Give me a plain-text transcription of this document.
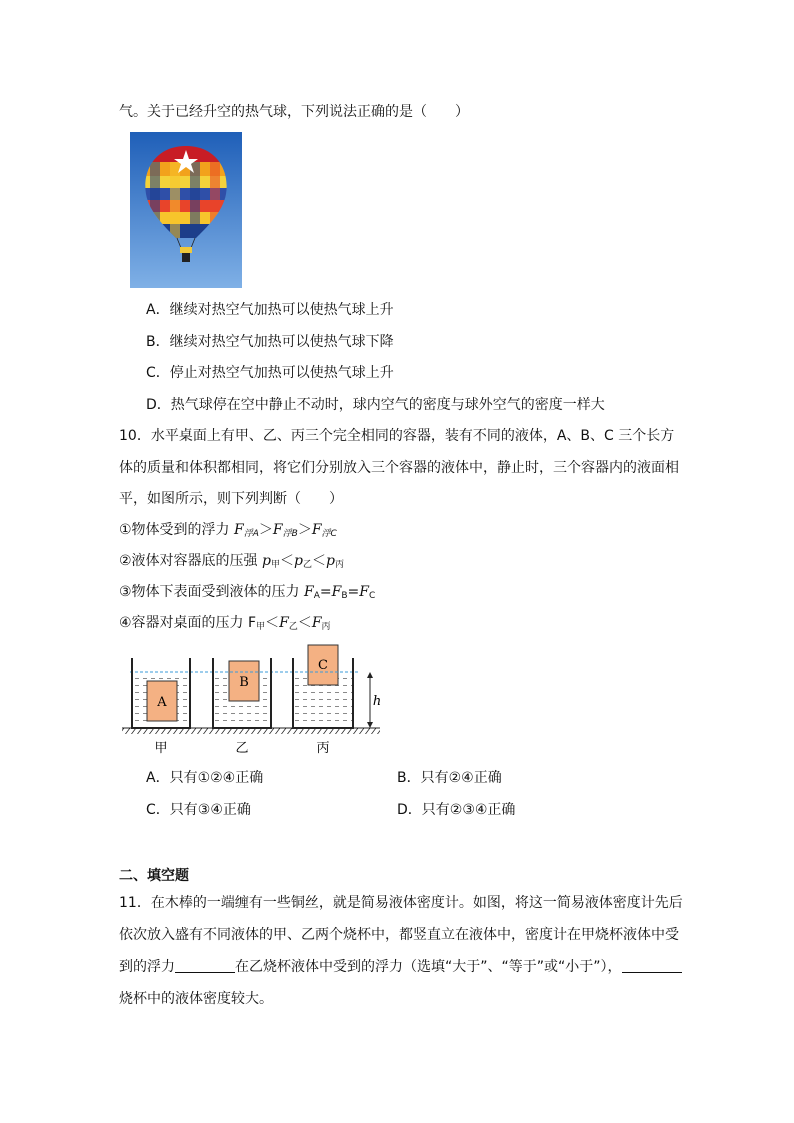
气。关于已经升空的热气球，下列说法正确的是（　　）
A．继续对热空气加热可以使热气球上升
B．继续对热空气加热可以使热气球下降
C．停止对热空气加热可以使热气球上升
D．热气球停在空中静止不动时，球内空气的密度与球外空气的密度一样大
10．水平桌面上有甲、乙、丙三个完全相同的容器，装有不同的液体，A、B、C 三个长方
体的质量和体积都相同，将它们分别放入三个容器的液体中，静止时，三个容器内的液面相
平，如图所示，则下列判断（　　）
①物体受到的浮力 $F_{浮A}>F_{浮B}>F_{浮C}$
②液体对容器底的压强 p甲＜p乙＜p丙
③物体下表面受到液体的压力 FA=FB=FC
④容器对桌面的压力 F甲＜F乙＜F丙
A
B
C
h
甲	乙	丙
A．只有①②④正确	B．只有②④正确
C．只有③④正确	D．只有②③④正确
二、填空题
11．在木棒的一端缠有一些铜丝，就是简易液体密度计。如图，将这一简易液体密度计先后
依次放入盛有不同液体的甲、乙两个烧杯中，都竖直立在液体中，密度计在甲烧杯液体中受
到的浮力	在乙烧杯液体中受到的浮力（选填“大于”、“等于”或“小于”），
烧杯中的液体密度较大。
